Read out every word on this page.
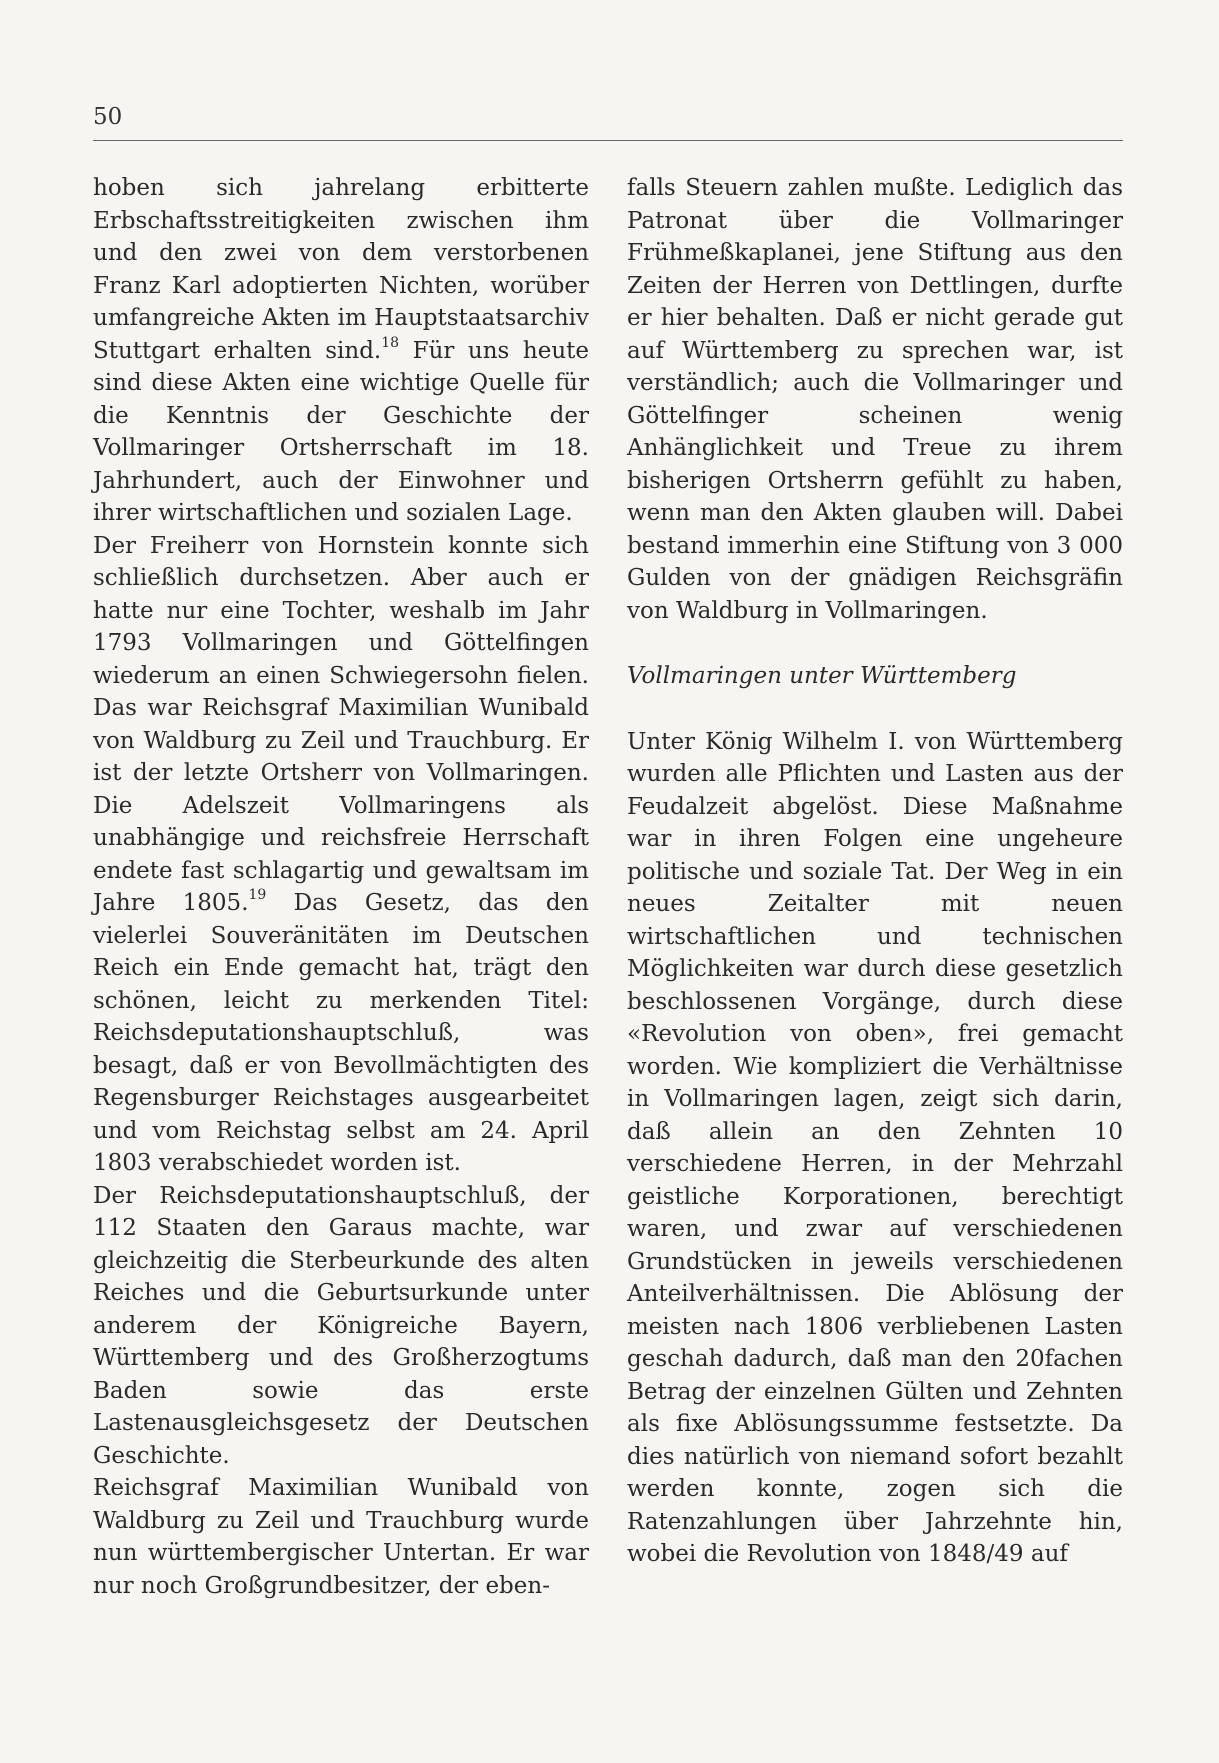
50

hoben sich jahrelang erbitterte Erbschaftsstreitigkeiten zwischen ihm und den zwei von dem verstorbenen Franz Karl adoptierten Nichten, worüber umfangreiche Akten im Hauptstaatsarchiv Stuttgart erhalten sind.$^{18}$ Für uns heute sind diese Akten eine wichtige Quelle für die Kenntnis der Geschichte der Vollmaringer Ortsherrschaft im 18. Jahrhundert, auch der Einwohner und ihrer wirtschaftlichen und sozialen Lage.

Der Freiherr von Hornstein konnte sich schließlich durchsetzen. Aber auch er hatte nur eine Tochter, weshalb im Jahr 1793 Vollmaringen und Göttelfingen wiederum an einen Schwiegersohn fielen. Das war Reichsgraf Maximilian Wunibald von Waldburg zu Zeil und Trauchburg. Er ist der letzte Ortsherr von Vollmaringen. Die Adelszeit Vollmaringens als unabhängige und reichsfreie Herrschaft endete fast schlagartig und gewaltsam im Jahre 1805.19 Das Gesetz, das den vielerlei Souveränitäten im Deutschen Reich ein Ende gemacht hat, trägt den schönen, leicht zu merkenden Titel: Reichsdeputationshauptschluß, was besagt, daß er von Bevollmächtigten des Regensburger Reichstages ausgearbeitet und vom Reichstag selbst am 24. April 1803 verabschiedet worden ist.

Der Reichsdeputationshauptschluß, der 112 Staaten den Garaus machte, war gleichzeitig die Sterbeurkunde des alten Reiches und die Geburtsurkunde unter anderem der Königreiche Bayern, Württemberg und des Großherzogtums Baden sowie das erste Lastenausgleichsgesetz der Deutschen Geschichte.

Reichsgraf Maximilian Wunibald von Waldburg zu Zeil und Trauchburg wurde nun württembergischer Untertan. Er war nur noch Großgrundbesitzer, der eben-

falls Steuern zahlen mußte. Lediglich das Patronat über die Vollmaringer Frühmeßkaplanei, jene Stiftung aus den Zeiten der Herren von Dettlingen, durfte er hier behalten. Daß er nicht gerade gut auf Württemberg zu sprechen war, ist verständlich; auch die Vollmaringer und Göttelfinger scheinen wenig Anhänglichkeit und Treue zu ihrem bisherigen Ortsherrn gefühlt zu haben, wenn man den Akten glauben will. Dabei bestand immerhin eine Stiftung von 3 000 Gulden von der gnädigen Reichsgräfin von Waldburg in Vollmaringen.

Vollmaringen unter Württemberg

Unter König Wilhelm I. von Württemberg wurden alle Pflichten und Lasten aus der Feudalzeit abgelöst. Diese Maßnahme war in ihren Folgen eine ungeheure politische und soziale Tat. Der Weg in ein neues Zeitalter mit neuen wirtschaftlichen und technischen Möglichkeiten war durch diese gesetzlich beschlossenen Vorgänge, durch diese «Revolution von oben», frei gemacht worden. Wie kompliziert die Verhältnisse in Vollmaringen lagen, zeigt sich darin, daß allein an den Zehnten 10 verschiedene Herren, in der Mehrzahl geistliche Korporationen, berechtigt waren, und zwar auf verschiedenen Grundstücken in jeweils verschiedenen Anteilverhältnissen. Die Ablösung der meisten nach 1806 verbliebenen Lasten geschah dadurch, daß man den 20fachen Betrag der einzelnen Gülten und Zehnten als fixe Ablösungssumme festsetzte. Da dies natürlich von niemand sofort bezahlt werden konnte, zogen sich die Ratenzahlungen über Jahrzehnte hin, wobei die Revolution von 1848/49 auf
